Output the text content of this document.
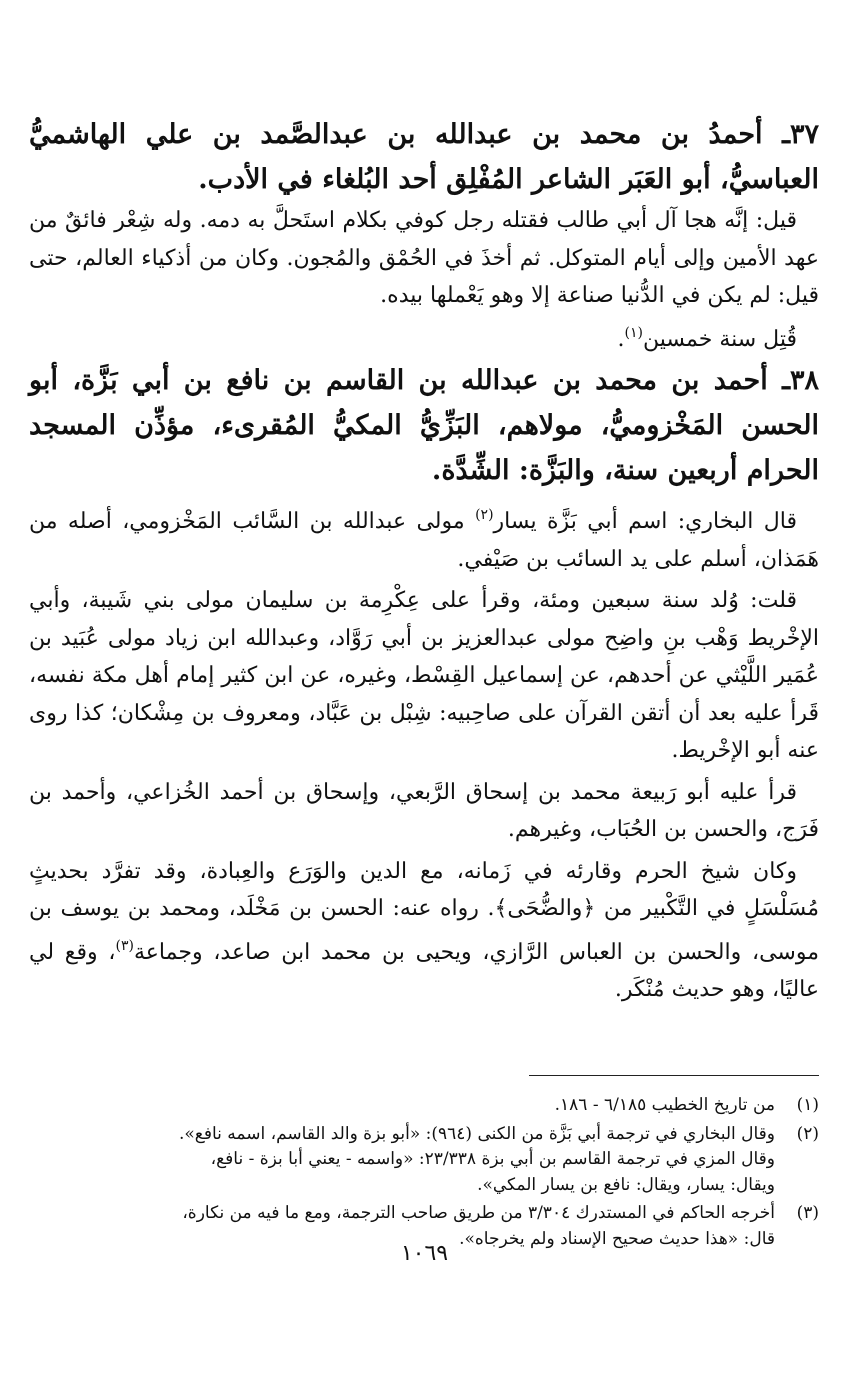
٣٧ـ أحمدُ بن محمد بن عبدالله بن عبدالصَّمد بن علي الهاشميُّ العباسيُّ، أبو العَبَر الشاعر المُفْلِق أحد البُلغاء في الأدب.

قيل: إنَّه هجا آل أبي طالب فقتله رجل كوفي بكلام استَحلَّ به دمه. وله شِعْر فائقٌ من عهد الأمين وإلى أيام المتوكل. ثم أخذَ في الحُمْق والمُجون. وكان من أذكياء العالم، حتى قيل: لم يكن في الدُّنيا صناعة إلا وهو يَعْملها بيده.

قُتِل سنة خمسين$^{(١)}$.

٣٨ـ أحمد بن محمد بن عبدالله بن القاسم بن نافع بن أبي بَزَّة، أبو الحسن المَخْزوميُّ، مولاهم، البَزِّيُّ المكيُّ المُقرىء، مؤذِّن المسجد الحرام أربعين سنة، والبَزَّة: الشِّدَّة.

قال البخاري: اسم أبي بَزَّة يسار$^{(٢)}$ مولى عبدالله بن السَّائب المَخْزومي، أصله من هَمَذان، أسلم على يد السائب بن صَيْفي.

قلت: وُلد سنة سبعين ومئة، وقرأ على عِكْرِمة بن سليمان مولى بني شَيبة، وأبي الإخْريط وَهْب بنِ واضِح مولى عبدالعزيز بن أبي رَوَّاد، وعبدالله ابن زياد مولى عُبَيد بن عُمَير اللَّيْثي عن أحدهم، عن إسماعيل القِسْط، وغيره، عن ابن كثير إمام أهل مكة نفسه، قَرأ عليه بعد أن أتقن القرآن على صاحِبيه: شِبْل بن عَبَّاد، ومعروف بن مِشْكان؛ كذا روى عنه أبو الإخْريط.

قرأ عليه أبو رَبيعة محمد بن إسحاق الرَّبعي، وإسحاق بن أحمد الخُزاعي، وأحمد بن فَرَج، والحسن بن الحُبَاب، وغيرهم.

وكان شيخ الحرم وقارئه في زَمانه، مع الدين والوَرَع والعِبادة، وقد تفرَّد بحديثٍ مُسَلْسَلٍ في التَّكْبير من ﴿والضُّحَى﴾. رواه عنه: الحسن بن مَخْلَد، ومحمد بن يوسف بن موسى، والحسن بن العباس الرَّازي، ويحيى بن محمد ابن صاعد، وجماعة$^{(٣)}$، وقع لي عاليًا، وهو حديث مُنْكَر.

(١)
من تاريخ الخطيب ٦/١٨٥ - ١٨٦.
(٢)
وقال البخاري في ترجمة أبي بَزَّة من الكنى (٩٦٤): «أبو بزة والد القاسم، اسمه نافع».
وقال المزي في ترجمة القاسم بن أبي بزة ٢٣/٣٣٨: «واسمه - يعني أبا بزة - نافع،
ويقال: يسار، ويقال: نافع بن يسار المكي».
(٣)
أخرجه الحاكم في المستدرك ٣/٣٠٤ من طريق صاحب الترجمة، ومع ما فيه من نكارة،
قال: «هذا حديث صحيح الإسناد ولم يخرجاه».
١٠٦٩
